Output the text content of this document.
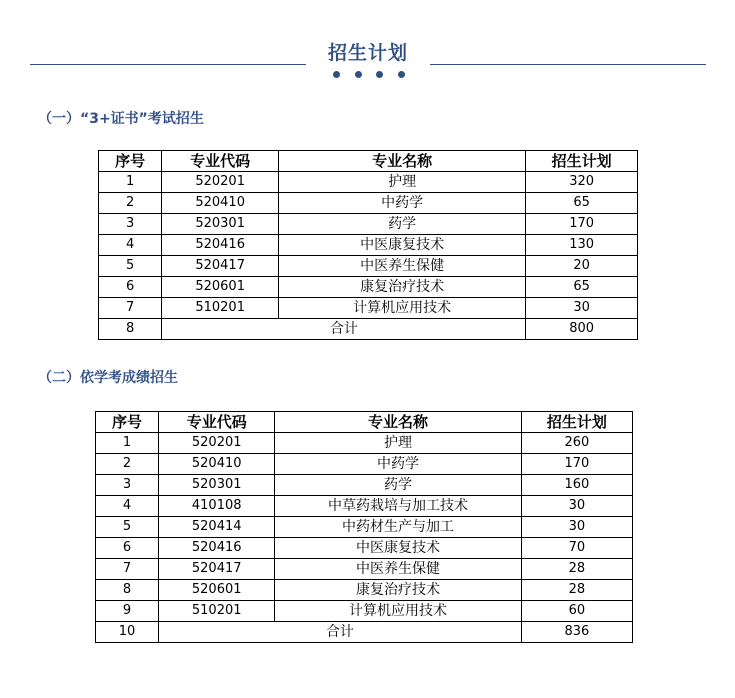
招生计划
（一）“3+证书”考试招生
序号	专业代码	专业名称	招生计划
1	520201	护理	320
2	520410	中药学	65
3	520301	药学	170
4	520416	中医康复技术	130
5	520417	中医养生保健	20
6	520601	康复治疗技术	65
7	510201	计算机应用技术	30
8	合计		800
（二）依学考成绩招生
序号	专业代码	专业名称	招生计划
1	520201	护理	260
2	520410	中药学	170
3	520301	药学	160
4	410108	中草药栽培与加工技术	30
5	520414	中药材生产与加工	30
6	520416	中医康复技术	70
7	520417	中医养生保健	28
8	520601	康复治疗技术	28
9	510201	计算机应用技术	60
10	合计		836
